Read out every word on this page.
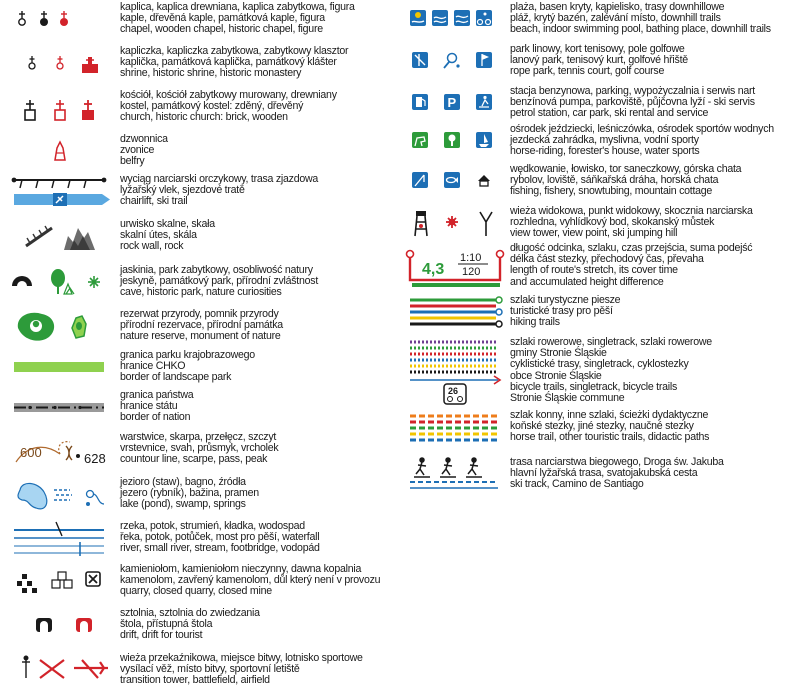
kaplica, kaplica drewniana, kaplica zabytkowa, figura
kaple, dřevěná kaple, památková kaple, figura
chapel, wooden chapel, historic chapel, figure
kapliczka, kapliczka zabytkowa, zabytkowy klasztor
kaplička, památková kaplička, památkový klášter
shrine, historic shrine, historic monastery
kościół, kościół zabytkowy murowany, drewniany
kostel, památkový kostel: zděný, dřevěný
church, historic church: brick, wooden
dzwonnica
zvonice
belfry
wyciąg narciarski orczykowy, trasa zjazdowa
lyžařský vlek, sjezdové tratě
chairlift, ski trail
urwisko skalne, skała
skalní útes, skála
rock wall, rock
jaskinia, park zabytkowy, osobliwość natury
jeskyně, památkový park, přírodní zvláštnost
cave, historic park, nature curiosities
rezerwat przyrody, pomnik przyrody
přírodní rezervace, přírodní památka
nature reserve, monument of nature
granica parku krajobrazowego
hranice CHKO
border of landscape park
granica państwa
hranice státu
border of nation
600	628
warstwice, skarpa, przełęcz, szczyt
vrstevnice, svah, průsmyk, vrcholek
countour line, scarpe, pass, peak
jezioro (staw), bagno, źródła
jezero (rybník), bažina, pramen
lake (pond), swamp, springs
rzeka, potok, strumień, kładka, wodospad
řeka, potok, potůček, most pro pěší, waterfall
river, small river, stream, footbridge, vodopád
kamieniołom, kamieniołom nieczynny, dawna kopalnia
kamenolom, zavřený kamenolom, důl který není v provozu
quarry, closed quarry, closed mine
sztolnia, sztolnia do zwiedzania
štola, přístupná štola
drift, drift for tourist
wieża przekaźnikowa, miejsce bitwy, lotnisko sportowe
vysílací věž, místo bitvy, sportovní letiště
transition tower, battlefield, airfield
plaża, basen kryty, kąpielisko, trasy downhillowe
pláž, krytý bazén, zalévání místo, downhill trails
beach, indoor swimming pool, bathing place, downhill trails
park linowy, kort tenisowy, pole golfowe
lanový park, tenisový kurt, golfové hřiště
rope park, tennis court, golf course
P
stacja benzynowa, parking, wypożyczalnia i serwis nart
benzínová pumpa, parkoviště, půjčovna lyží - ski servis
petrol station, car park, ski rental and service
ośrodek jeździecki, leśniczówka, ośrodek sportów wodnych
jezdecká zahrádka, myslivna, vodní sporty
horse-riding, forester's house, water sports
wędkowanie, łowisko, tor saneczkowy, górska chata
rybolov, loviště, sáňkařská dráha, horská chata
fishing, fishery, snowtubing, mountain cottage
wieża widokowa, punkt widokowy, skocznia narciarska
rozhledna, vyhlídkový bod, skokanský můstek
view tower, view point, ski jumping hill
4,3
1:10
120
długość odcinka, szlaku, czas przejścia, suma podejść
délka část stezky, přechodový čas, převaha
length of route's stretch, its cover time
and accumulated height difference
szlaki turystyczne piesze
turistické trasy pro pěší
hiking trails
26
szlaki rowerowe, singletrack, szlaki rowerowe
gminy Stronie Śląskie
cyklistické trasy, singletrack, cyklostezky
obce Stronie Śląskie
bicycle trails, singletrack, bicycle trails
Stronie Śląskie commune
szlak konny, inne szlaki, ścieżki dydaktyczne
koňské stezky, jiné stezky, naučné stezky
horse trail, other touristic trails, didactic paths
trasa narciarstwa biegowego, Droga św. Jakuba
hlavní lyžařská trasa, svatojakubská cesta
ski track, Camino de Santiago
